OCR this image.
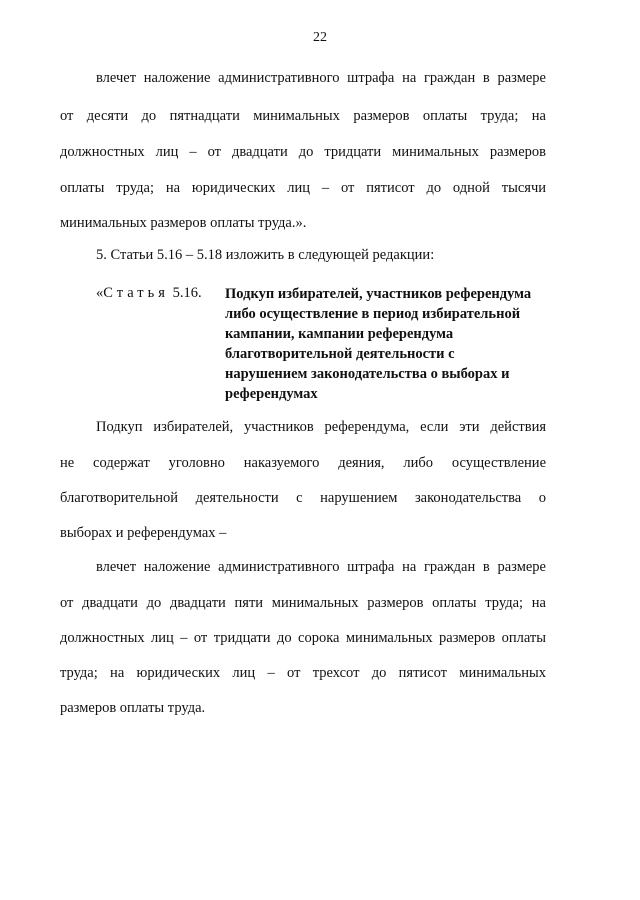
22
влечет наложение административного штрафа на граждан в размере
от десяти до пятнадцати минимальных размеров оплаты труда; на
должностных лиц – от двадцати до тридцати минимальных размеров
оплаты труда; на юридических лиц – от пятисот до одной тысячи
минимальных размеров оплаты труда.».
5. Статьи 5.16 – 5.18 изложить в следующей редакции:
«Статья 5.16. Подкуп избирателей, участников референдума
либо осуществление в период избирательной
кампании, кампании референдума
благотворительной деятельности с
нарушением законодательства о выборах и
референдумах
Подкуп избирателей, участников референдума, если эти действия
не содержат уголовно наказуемого деяния, либо осуществление
благотворительной деятельности с нарушением законодательства о
выборах и референдумах –
влечет наложение административного штрафа на граждан в размере
от двадцати до двадцати пяти минимальных размеров оплаты труда; на
должностных лиц – от тридцати до сорока минимальных размеров оплаты
труда; на юридических лиц – от трехсот до пятисот минимальных
размеров оплаты труда.
